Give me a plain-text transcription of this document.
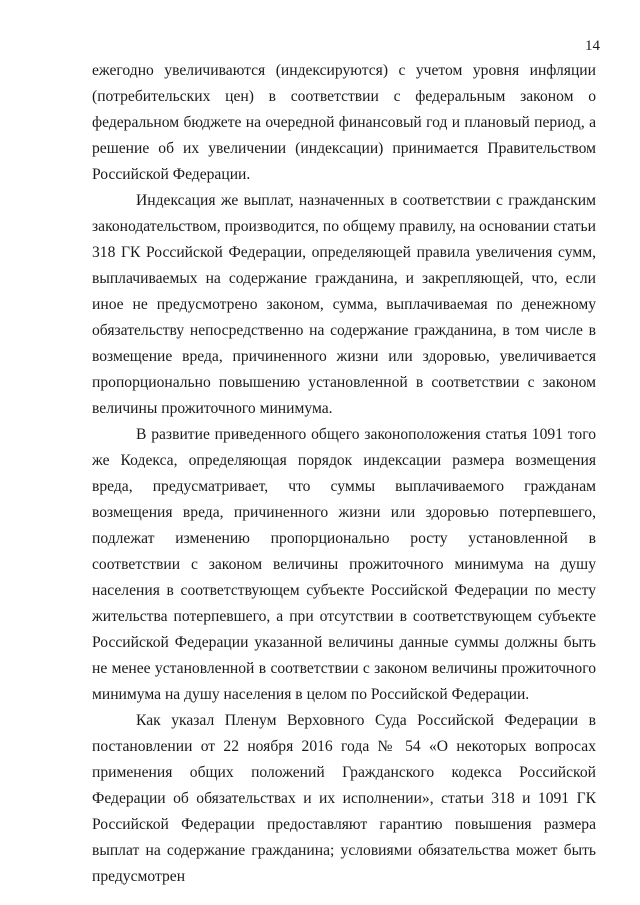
14

ежегодно увеличиваются (индексируются) с учетом уровня инфляции (потребительских цен) в соответствии с федеральным законом о федеральном бюджете на очередной финансовый год и плановый период, а решение об их увеличении (индексации) принимается Правительством Российской Федерации.

Индексация же выплат, назначенных в соответствии с гражданским законодательством, производится, по общему правилу, на основании статьи 318 ГК Российской Федерации, определяющей правила увеличения сумм, выплачиваемых на содержание гражданина, и закрепляющей, что, если иное не предусмотрено законом, сумма, выплачиваемая по денежному обязательству непосредственно на содержание гражданина, в том числе в возмещение вреда, причиненного жизни или здоровью, увеличивается пропорционально повышению установленной в соответствии с законом величины прожиточного минимума.

В развитие приведенного общего законоположения статья 1091 того же Кодекса, определяющая порядок индексации размера возмещения вреда, предусматривает, что суммы выплачиваемого гражданам возмещения вреда, причиненного жизни или здоровью потерпевшего, подлежат изменению пропорционально росту установленной в соответствии с законом величины прожиточного минимума на душу населения в соответствующем субъекте Российской Федерации по месту жительства потерпевшего, а при отсутствии в соответствующем субъекте Российской Федерации указанной величины данные суммы должны быть не менее установленной в соответствии с законом величины прожиточного минимума на душу населения в целом по Российской Федерации.

Как указал Пленум Верховного Суда Российской Федерации в постановлении от 22 ноября 2016 года № 54 «О некоторых вопросах применения общих положений Гражданского кодекса Российской Федерации об обязательствах и их исполнении», статьи 318 и 1091 ГК Российской Федерации предоставляют гарантию повышения размера выплат на содержание гражданина; условиями обязательства может быть предусмотрен
